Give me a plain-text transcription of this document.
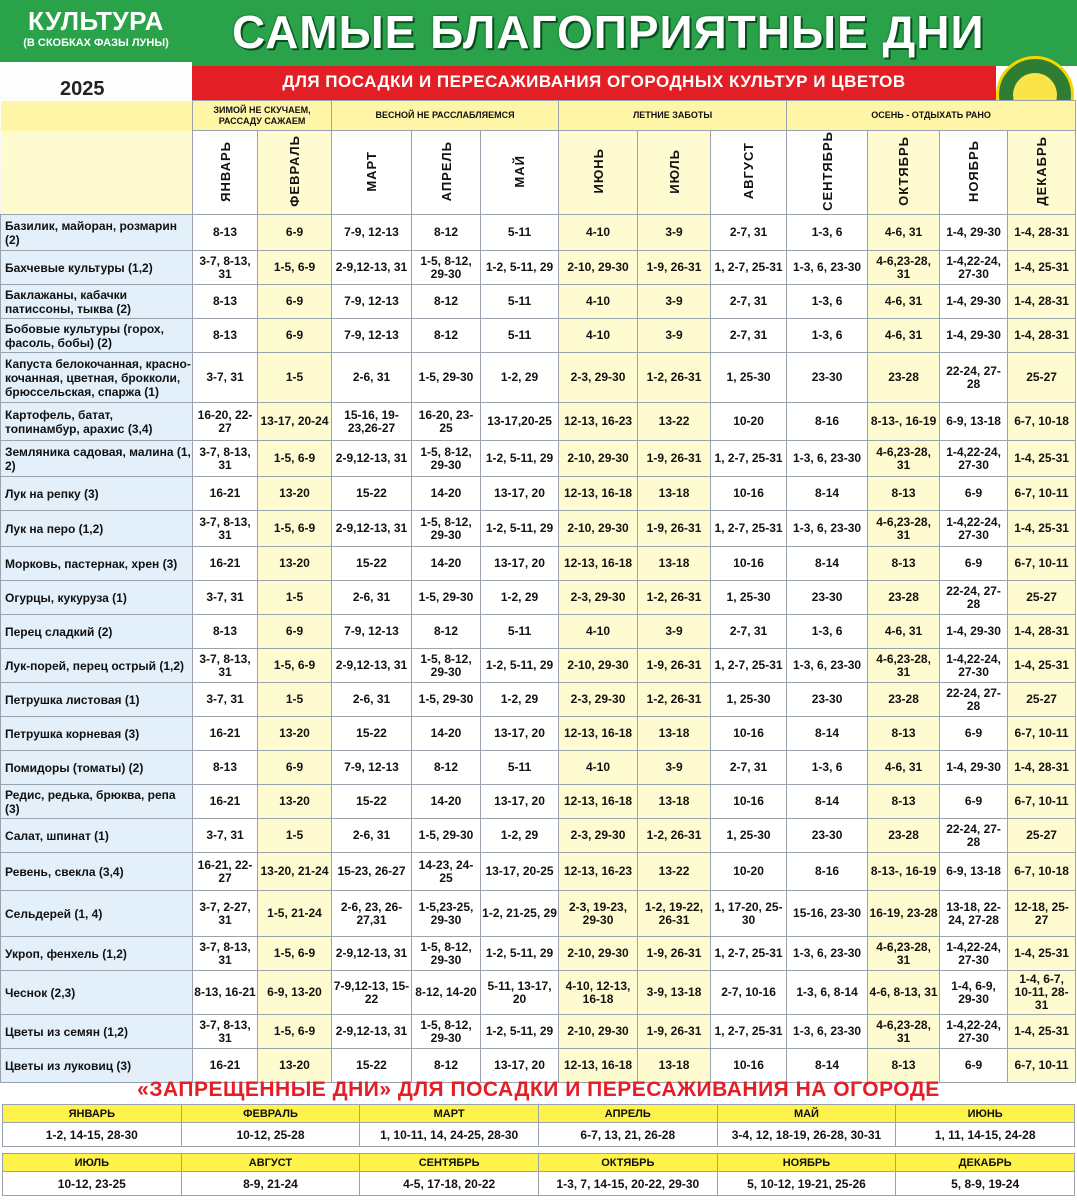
КУЛЬТУРА
(В СКОБКАХ ФАЗЫ ЛУНЫ)
2025
САМЫЕ БЛАГОПРИЯТНЫЕ ДНИ
ДЛЯ ПОСАДКИ И ПЕРЕСАЖИВАНИЯ ОГОРОДНЫХ КУЛЬТУР И ЦВЕТОВ
	ЗИМОЙ НЕ СКУЧАЕМ, РАССАДУ САЖАЕМ		ВЕСНОЙ НЕ РАССЛАБЛЯЕМСЯ			ЛЕТНИЕ ЗАБОТЫ			ОСЕНЬ - ОТДЫХАТЬ РАНО			
	ЯНВАРЬ	ФЕВРАЛЬ	МАРТ	АПРЕЛЬ	МАЙ	ИЮНЬ	ИЮЛЬ	АВГУСТ	СЕНТЯБРЬ	ОКТЯБРЬ	НОЯБРЬ	ДЕКАБРЬ
Базилик, майоран, розмарин (2)	8-13	6-9	7-9, 12-13	8-12	5-11	4-10	3-9	2-7, 31	1-3, 6	4-6, 31	1-4, 29-30	1-4, 28-31
Бахчевые культуры (1,2)	3-7, 8-13, 31	1-5, 6-9	2-9,12-13, 31	1-5, 8-12, 29-30	1-2, 5-11, 29	2-10, 29-30	1-9, 26-31	1, 2-7, 25-31	1-3, 6, 23-30	4-6,23-28, 31	1-4,22-24, 27-30	1-4, 25-31
Баклажаны, кабачки патиссоны, тыква (2)	8-13	6-9	7-9, 12-13	8-12	5-11	4-10	3-9	2-7, 31	1-3, 6	4-6, 31	1-4, 29-30	1-4, 28-31
Бобовые культуры (горох, фасоль, бобы) (2)	8-13	6-9	7-9, 12-13	8-12	5-11	4-10	3-9	2-7, 31	1-3, 6	4-6, 31	1-4, 29-30	1-4, 28-31
Капуста белокочанная, красно-кочанная, цветная, брокколи, брюссельская, спаржа (1)	3-7, 31	1-5	2-6, 31	1-5, 29-30	1-2, 29	2-3, 29-30	1-2, 26-31	1, 25-30	23-30	23-28	22-24, 27-28	25-27
Картофель, батат, топинамбур, арахис (3,4)	16-20, 22-27	13-17, 20-24	15-16, 19-23,26-27	16-20, 23-25	13-17,20-25	12-13, 16-23	13-22	10-20	8-16	8-13-, 16-19	6-9, 13-18	6-7, 10-18
Земляника садовая, малина (1, 2)	3-7, 8-13, 31	1-5, 6-9	2-9,12-13, 31	1-5, 8-12, 29-30	1-2, 5-11, 29	2-10, 29-30	1-9, 26-31	1, 2-7, 25-31	1-3, 6, 23-30	4-6,23-28, 31	1-4,22-24, 27-30	1-4, 25-31
Лук на репку (3)	16-21	13-20	15-22	14-20	13-17, 20	12-13, 16-18	13-18	10-16	8-14	8-13	6-9	6-7, 10-11
Лук на перо (1,2)	3-7, 8-13, 31	1-5, 6-9	2-9,12-13, 31	1-5, 8-12, 29-30	1-2, 5-11, 29	2-10, 29-30	1-9, 26-31	1, 2-7, 25-31	1-3, 6, 23-30	4-6,23-28, 31	1-4,22-24, 27-30	1-4, 25-31
Морковь, пастернак, хрен (3)	16-21	13-20	15-22	14-20	13-17, 20	12-13, 16-18	13-18	10-16	8-14	8-13	6-9	6-7, 10-11
Огурцы, кукуруза (1)	3-7, 31	1-5	2-6, 31	1-5, 29-30	1-2, 29	2-3, 29-30	1-2, 26-31	1, 25-30	23-30	23-28	22-24, 27-28	25-27
Перец сладкий (2)	8-13	6-9	7-9, 12-13	8-12	5-11	4-10	3-9	2-7, 31	1-3, 6	4-6, 31	1-4, 29-30	1-4, 28-31
Лук-порей, перец острый (1,2)	3-7, 8-13, 31	1-5, 6-9	2-9,12-13, 31	1-5, 8-12, 29-30	1-2, 5-11, 29	2-10, 29-30	1-9, 26-31	1, 2-7, 25-31	1-3, 6, 23-30	4-6,23-28, 31	1-4,22-24, 27-30	1-4, 25-31
Петрушка листовая (1)	3-7, 31	1-5	2-6, 31	1-5, 29-30	1-2, 29	2-3, 29-30	1-2, 26-31	1, 25-30	23-30	23-28	22-24, 27-28	25-27
Петрушка корневая (3)	16-21	13-20	15-22	14-20	13-17, 20	12-13, 16-18	13-18	10-16	8-14	8-13	6-9	6-7, 10-11
Помидоры (томаты) (2)	8-13	6-9	7-9, 12-13	8-12	5-11	4-10	3-9	2-7, 31	1-3, 6	4-6, 31	1-4, 29-30	1-4, 28-31
Редис, редька, брюква, репа (3)	16-21	13-20	15-22	14-20	13-17, 20	12-13, 16-18	13-18	10-16	8-14	8-13	6-9	6-7, 10-11
Салат, шпинат (1)	3-7, 31	1-5	2-6, 31	1-5, 29-30	1-2, 29	2-3, 29-30	1-2, 26-31	1, 25-30	23-30	23-28	22-24, 27-28	25-27
Ревень, свекла (3,4)	16-21, 22-27	13-20, 21-24	15-23, 26-27	14-23, 24-25	13-17, 20-25	12-13, 16-23	13-22	10-20	8-16	8-13-, 16-19	6-9, 13-18	6-7, 10-18
Сельдерей (1, 4)	3-7, 2-27, 31	1-5, 21-24	2-6, 23, 26-27,31	1-5,23-25, 29-30	1-2, 21-25, 29	2-3, 19-23, 29-30	1-2, 19-22, 26-31	1, 17-20, 25-30	15-16, 23-30	16-19, 23-28	13-18, 22-24, 27-28	12-18, 25-27
Укроп, фенхель (1,2)	3-7, 8-13, 31	1-5, 6-9	2-9,12-13, 31	1-5, 8-12, 29-30	1-2, 5-11, 29	2-10, 29-30	1-9, 26-31	1, 2-7, 25-31	1-3, 6, 23-30	4-6,23-28, 31	1-4,22-24, 27-30	1-4, 25-31
Чеснок (2,3)	8-13, 16-21	6-9, 13-20	7-9,12-13, 15-22	8-12, 14-20	5-11, 13-17, 20	4-10, 12-13, 16-18	3-9, 13-18	2-7, 10-16	1-3, 6, 8-14	4-6, 8-13, 31	1-4, 6-9, 29-30	1-4, 6-7, 10-11, 28-31
Цветы из семян (1,2)	3-7, 8-13, 31	1-5, 6-9	2-9,12-13, 31	1-5, 8-12, 29-30	1-2, 5-11, 29	2-10, 29-30	1-9, 26-31	1, 2-7, 25-31	1-3, 6, 23-30	4-6,23-28, 31	1-4,22-24, 27-30	1-4, 25-31
Цветы из луковиц (3)	16-21	13-20	15-22	8-12	13-17, 20	12-13, 16-18	13-18	10-16	8-14	8-13	6-9	6-7, 10-11
«ЗАПРЕЩЕННЫЕ ДНИ» ДЛЯ ПОСАДКИ И ПЕРЕСАЖИВАНИЯ НА ОГОРОДЕ
ЯНВАРЬ	ФЕВРАЛЬ	МАРТ	АПРЕЛЬ	МАЙ	ИЮНЬ
1-2, 14-15, 28-30	10-12, 25-28	1, 10-11, 14, 24-25, 28-30	6-7, 13, 21, 26-28	3-4, 12, 18-19, 26-28, 30-31	1, 11, 14-15, 24-28
ИЮЛЬ	АВГУСТ	СЕНТЯБРЬ	ОКТЯБРЬ	НОЯБРЬ	ДЕКАБРЬ
10-12, 23-25	8-9, 21-24	4-5, 17-18, 20-22	1-3, 7, 14-15, 20-22, 29-30	5, 10-12, 19-21, 25-26	5, 8-9, 19-24
